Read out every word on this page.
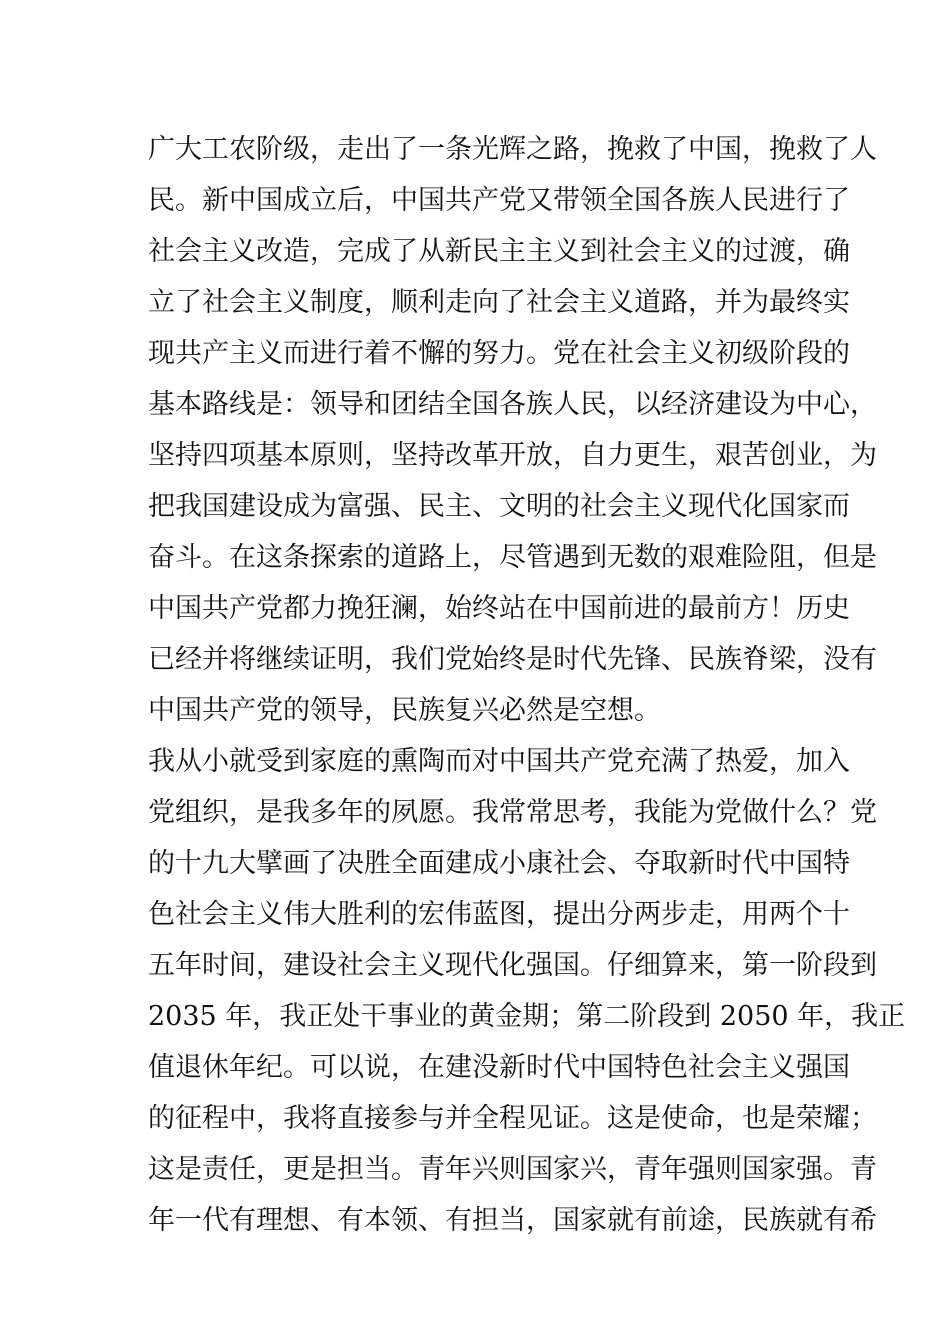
广大工农阶级，走出了一条光辉之路，挽救了中国，挽救了人
民。新中国成立后，中国共产党又带领全国各族人民进行了
社会主义改造，完成了从新民主主义到社会主义的过渡，确
立了社会主义制度，顺利走向了社会主义道路，并为最终实
现共产主义而进行着不懈的努力。党在社会主义初级阶段的
基本路线是：领导和团结全国各族人民，以经济建设为中心，
坚持四项基本原则，坚持改革开放，自力更生，艰苦创业，为
把我国建设成为富强、民主、文明的社会主义现代化国家而
奋斗。在这条探索的道路上，尽管遇到无数的艰难险阻，但是
中国共产党都力挽狂澜，始终站在中国前进的最前方！历史
已经并将继续证明，我们党始终是时代先锋、民族脊梁，没有
中国共产党的领导，民族复兴必然是空想。
我从小就受到家庭的熏陶而对中国共产党充满了热爱，加入
党组织，是我多年的夙愿。我常常思考，我能为党做什么？党
的十九大擘画了决胜全面建成小康社会、夺取新时代中国特
色社会主义伟大胜利的宏伟蓝图，提出分两步走，用两个十
五年时间，建设社会主义现代化强国。仔细算来，第一阶段到
2035 年，我正处干事业的黄金期；第二阶段到 2050 年，我正
值退休年纪。可以说，在建没新时代中国特色社会主义强国
的征程中，我将直接参与并全程见证。这是使命，也是荣耀；
这是责任，更是担当。青年兴则国家兴，青年强则国家强。青
年一代有理想、有本领、有担当，国家就有前途，民族就有希
